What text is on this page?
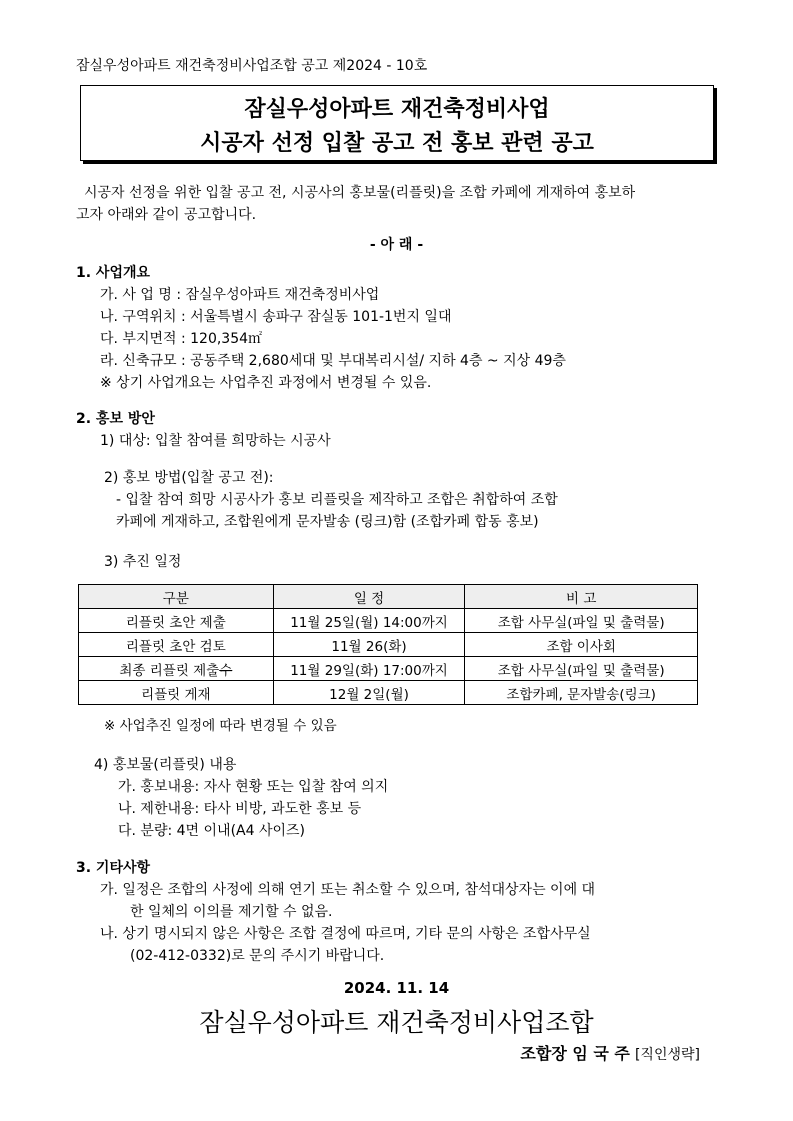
잠실우성아파트 재건축정비사업조합 공고 제2024 - 10호
잠실우성아파트 재건축정비사업
시공자 선정 입찰 공고 전 홍보 관련 공고
시공자 선정을 위한 입찰 공고 전, 시공사의 홍보물(리플릿)을 조합 카페에 게재하여 홍보하
고자 아래와 같이 공고합니다.
- 아 래 -
1. 사업개요
가. 사 업 명 : 잠실우성아파트 재건축정비사업
나. 구역위치 : 서울특별시 송파구 잠실동 101-1번지 일대
다. 부지면적 : 120,354㎡
라. 신축규모 : 공동주택 2,680세대 및 부대복리시설/ 지하 4층 ~ 지상 49층
※ 상기 사업개요는 사업추진 과정에서 변경될 수 있음.
2. 홍보 방안
1) 대상: 입찰 참여를 희망하는 시공사
2) 홍보 방법(입찰 공고 전):
- 입찰 참여 희망 시공사가 홍보 리플릿을 제작하고 조합은 취합하여 조합
카페에 게재하고, 조합원에게 문자발송 (링크)함 (조합카페 합동 홍보)
3) 추진 일정
구분	일 정	비 고
리플릿 초안 제출	11월 25일(월) 14:00까지	조합 사무실(파일 및 출력물)
리플릿 초안 검토	11월 26(화)	조합 이사회
최종 리플릿 제출수	11월 29일(화) 17:00까지	조합 사무실(파일 및 출력물)
리플릿 게재	12월 2일(월)	조합카페, 문자발송(링크)
※ 사업추진 일정에 따라 변경될 수 있음
4) 홍보물(리플릿) 내용
가. 홍보내용: 자사 현황 또는 입찰 참여 의지
나. 제한내용: 타사 비방, 과도한 홍보 등
다. 분량: 4면 이내(A4 사이즈)
3. 기타사항
가. 일정은 조합의 사정에 의해 연기 또는 취소할 수 있으며, 참석대상자는 이에 대
한 일체의 이의를 제기할 수 없음.
나. 상기 명시되지 않은 사항은 조합 결정에 따르며, 기타 문의 사항은 조합사무실
(02-412-0332)로 문의 주시기 바랍니다.
2024. 11. 14
잠실우성아파트 재건축정비사업조합
조합장 임 국 주 [직인생략]
